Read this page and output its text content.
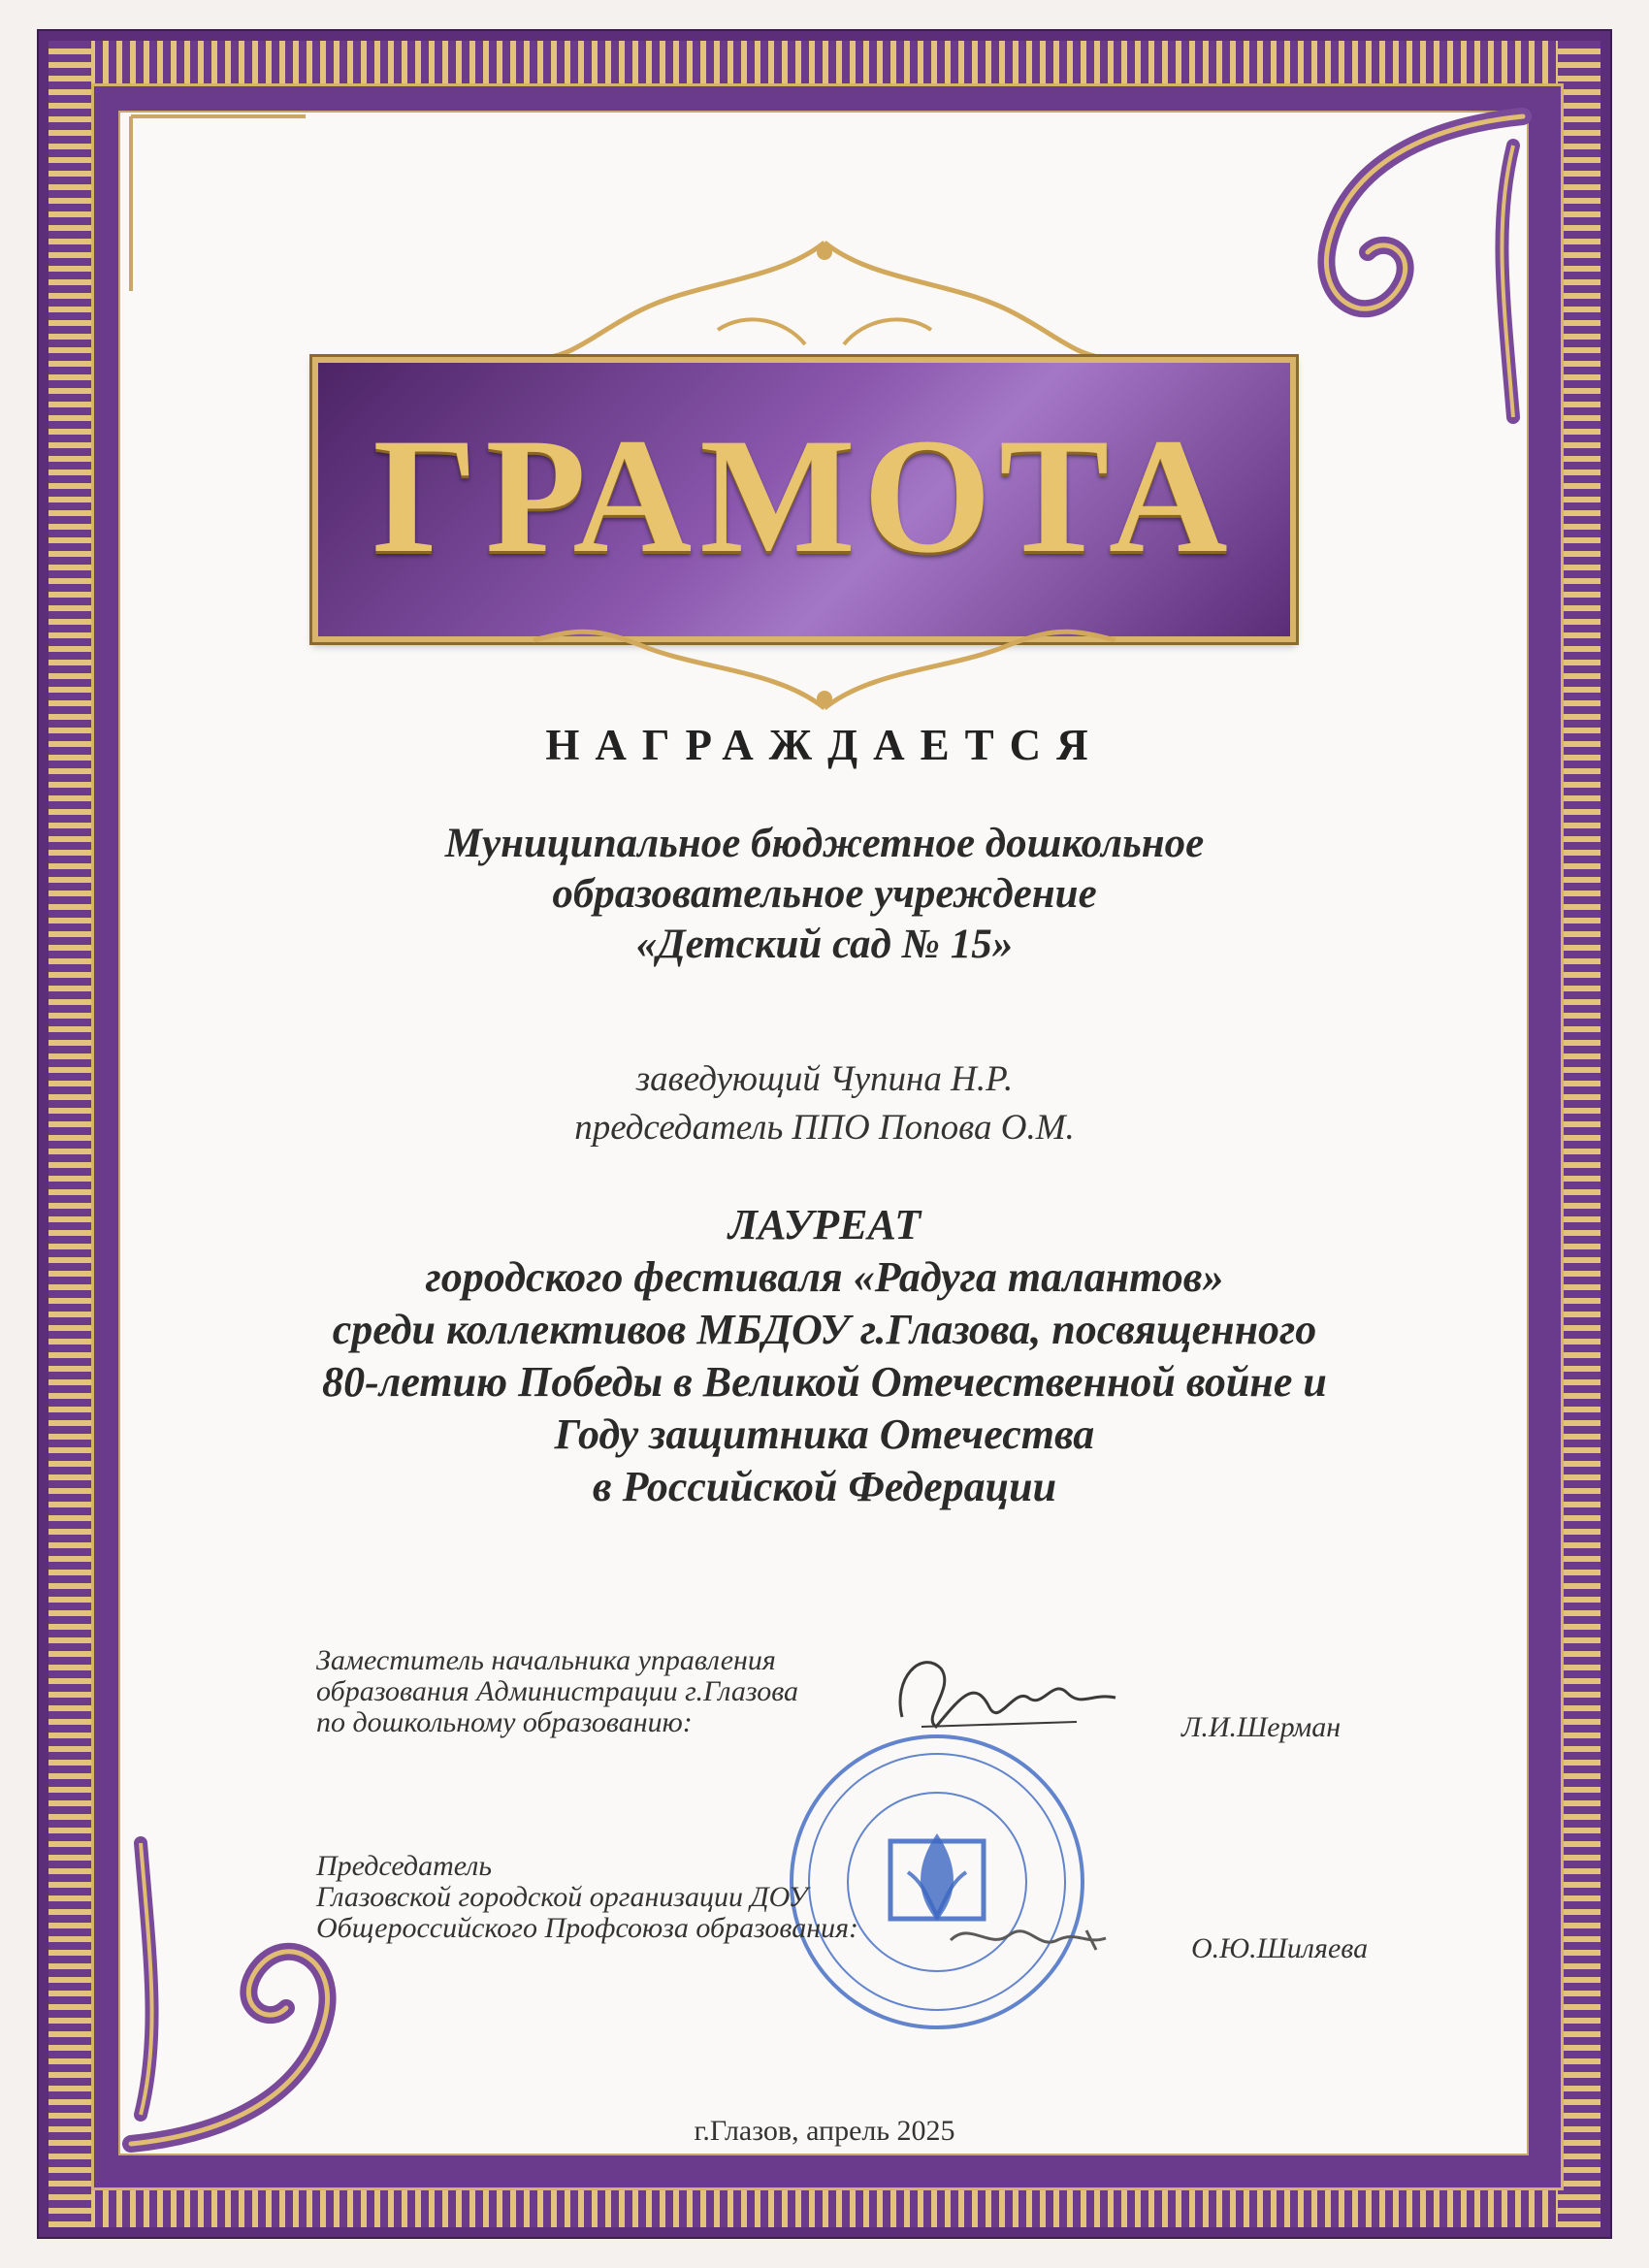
ГРАМОТА
НАГРАЖДАЕТСЯ
Муниципальное бюджетное дошкольное
образовательное учреждение
«Детский сад № 15»
заведующий Чупина Н.Р.
председатель ППО Попова О.М.
ЛАУРЕАТ
городского фестиваля «Радуга талантов»
среди коллективов МБДОУ г.Глазова, посвященного
80-летию Победы в Великой Отечественной войне и
Году защитника Отечества
в Российской Федерации
Заместитель начальника управления
образования Администрации г.Глазова
по дошкольному образованию:	Л.И.Шерман
Председатель
Глазовской городской организации ДОУ
Общероссийского Профсоюза образования:
О.Ю.Шиляева
г.Глазов, апрель 2025
